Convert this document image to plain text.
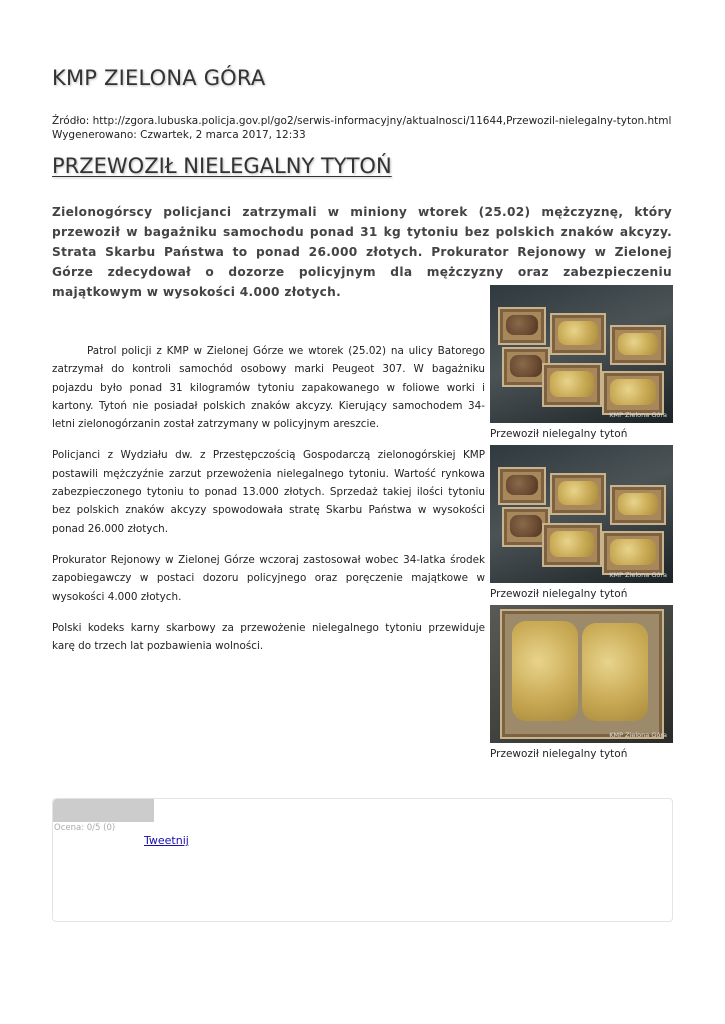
KMP ZIELONA GÓRA
Źródło: http://zgora.lubuska.policja.gov.pl/go2/serwis-informacyjny/aktualnosci/11644,Przewozil-nielegalny-tyton.html
Wygenerowano: Czwartek, 2 marca 2017, 12:33
PRZEWOZIŁ NIELEGALNY TYTOŃ

Zielonogórscy policjanci zatrzymali w miniony wtorek (25.02) mężczyznę, który przewoził w bagażniku samochodu ponad 31 kg tytoniu bez polskich znaków akcyzy. Strata Skarbu Państwa to ponad 26.000 złotych. Prokurator Rejonowy w Zielonej Górze zdecydował o dozorze policyjnym dla mężczyzny oraz zabezpieczeniu majątkowym w wysokości 4.000 złotych.

Patrol policji z KMP w Zielonej Górze we wtorek (25.02) na ulicy Batorego zatrzymał do kontroli samochód osobowy marki Peugeot 307. W bagażniku pojazdu było ponad 31 kilogramów tytoniu zapakowanego w foliowe worki i kartony. Tytoń nie posiadał polskich znaków akcyzy. Kierujący samochodem 34-letni zielonogórzanin został zatrzymany w policyjnym areszcie.

Policjanci z Wydziału dw. z Przestępczością Gospodarczą zielonogórskiej KMP postawili mężczyźnie zarzut przewożenia nielegalnego tytoniu. Wartość rynkowa zabezpieczonego tytoniu to ponad 13.000 złotych. Sprzedaż takiej ilości tytoniu bez polskich znaków akcyzy spowodowała stratę Skarbu Państwa w wysokości ponad 26.000 złotych.

Prokurator Rejonowy w Zielonej Górze wczoraj zastosował wobec 34-latka środek zapobiegawczy w postaci dozoru policyjnego oraz poręczenie majątkowe w wysokości 4.000 złotych.

Polski kodeks karny skarbowy za przewożenie nielegalnego tytoniu przewiduje karę do trzech lat pozbawienia wolności.

KMP Zielona Góra
Przewoził nielegalny tytoń
KMP Zielona Góra
Przewoził nielegalny tytoń
KMP Zielona Góra
Przewoził nielegalny tytoń
Ocena: 0/5 (0)
Tweetnij
